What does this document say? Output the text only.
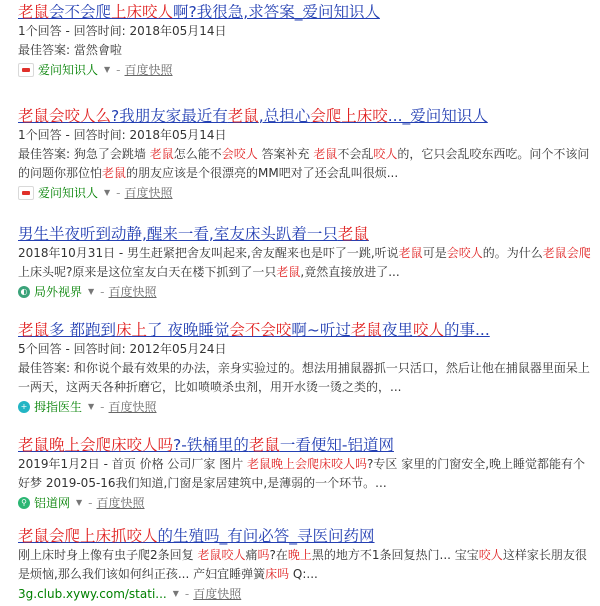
老鼠会不会爬上床咬人啊?我很急,求答案_爱问知识人
1个回答 - 回答时间: 2018年05月14日
最佳答案: 當然會啦
爱问知识人 ▼ - 百度快照
老鼠会咬人么?我朋友家最近有老鼠,总担心会爬上床咬..._爱问知识人
1个回答 - 回答时间: 2018年05月14日
最佳答案: 狗急了会跳墙 老鼠怎么能不会咬人 答案补充 老鼠不会乱咬人的，它只会乱咬东西吃。问个不该问的问题你那位怕老鼠的朋友应该是个很漂亮的MM吧对了还会乱叫很烦...
爱问知识人 ▼ - 百度快照
男生半夜听到动静,醒来一看,室友床头趴着一只老鼠
2018年10月31日 - 男生赶紧把舍友叫起来,舍友醒来也是吓了一跳,听说老鼠可是会咬人的。为什么老鼠会爬上床头呢?原来是这位室友白天在楼下抓到了一只老鼠,竟然直接放进了...
◐ 局外视界 ▼ - 百度快照
老鼠多 都跑到床上了 夜晚睡觉会不会咬啊~听过老鼠夜里咬人的事...
5个回答 - 回答时间: 2012年05月24日
最佳答案: 和你说个最有效果的办法，亲身实验过的。想法用捕鼠器抓一只活口，然后让他在捕鼠器里面呆上一两天，这两天各种折磨它，比如喷喷杀虫剂，用开水烫一烫之类的，...
+ 拇指医生 ▼ - 百度快照
老鼠晚上会爬床咬人吗?-铁桶里的老鼠一看便知-铝道网
2019年1月2日 - 首页 价格 公司厂家 图片 老鼠晚上会爬床咬人吗?专区 家里的门窗安全,晚上睡觉都能有个好梦 2019-05-16我们知道,门窗是家居建筑中,是薄弱的一个环节。...
⚲ 铝道网 ▼ - 百度快照
老鼠会爬上床抓咬人的生殖吗_有问必答_寻医问药网
刚上床时身上像有虫子爬2条回复 老鼠咬人痛吗?在晚上黑的地方不1条回复热门... 宝宝咬人这样家长朋友很是烦恼,那么我们该如何纠正孩... 产妇宜睡弹簧床吗 Q:...
3g.club.xywy.com/stati... ▼ - 百度快照
